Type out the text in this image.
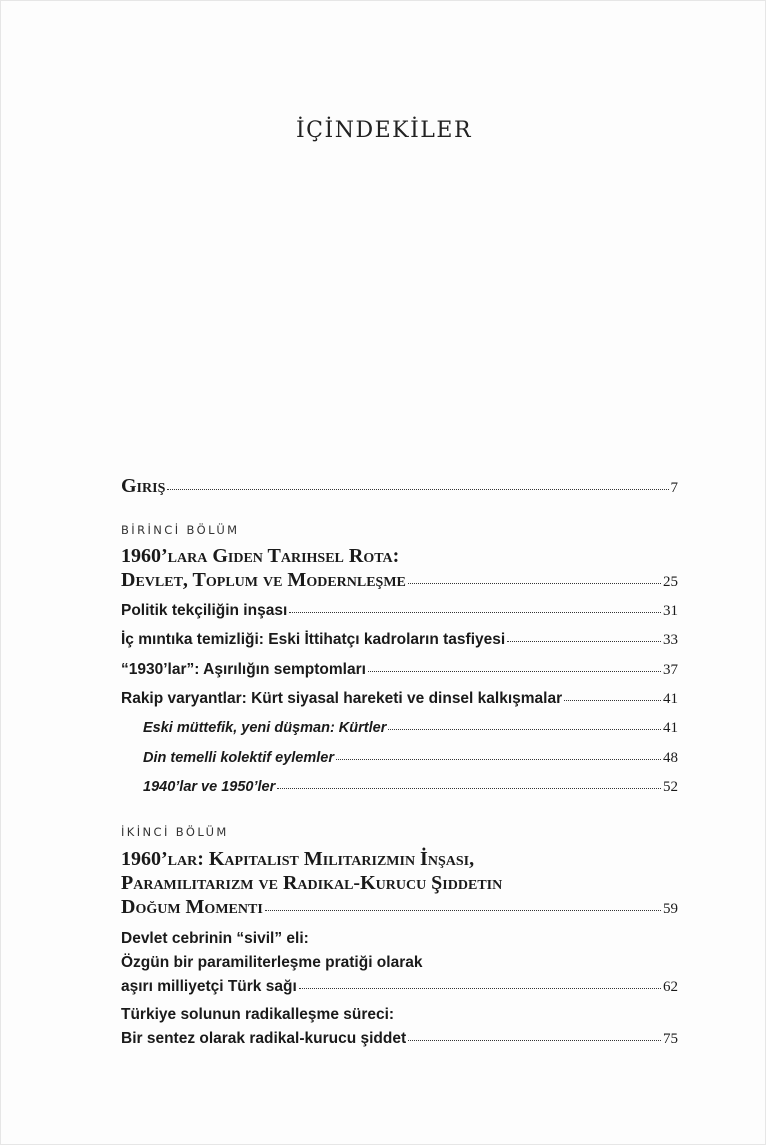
İÇİNDEKİLER
Giriş	7
BİRİNCİ BÖLÜM
1960’lara Giden Tarihsel Rota:
Devlet, Toplum ve Modernleşme	25
Politik tekçiliğin inşası	31
İç mıntıka temizliği: Eski İttihatçı kadroların tasfiyesi	33
“1930’lar”: Aşırılığın semptomları	37
Rakip varyantlar: Kürt siyasal hareketi ve dinsel kalkışmalar	41
Eski müttefik, yeni düşman: Kürtler	41
Din temelli kolektif eylemler	48
1940’lar ve 1950’ler	52
İKİNCİ BÖLÜM
1960’lar: Kapitalist Militarizmin İnşası,
Paramilitarizm ve Radikal-Kurucu Şiddetin
Doğum Momenti	59
Devlet cebrinin “sivil” eli:
Özgün bir paramiliterleşme pratiği olarak
aşırı milliyetçi Türk sağı	62
Türkiye solunun radikalleşme süreci:
Bir sentez olarak radikal-kurucu şiddet	75
